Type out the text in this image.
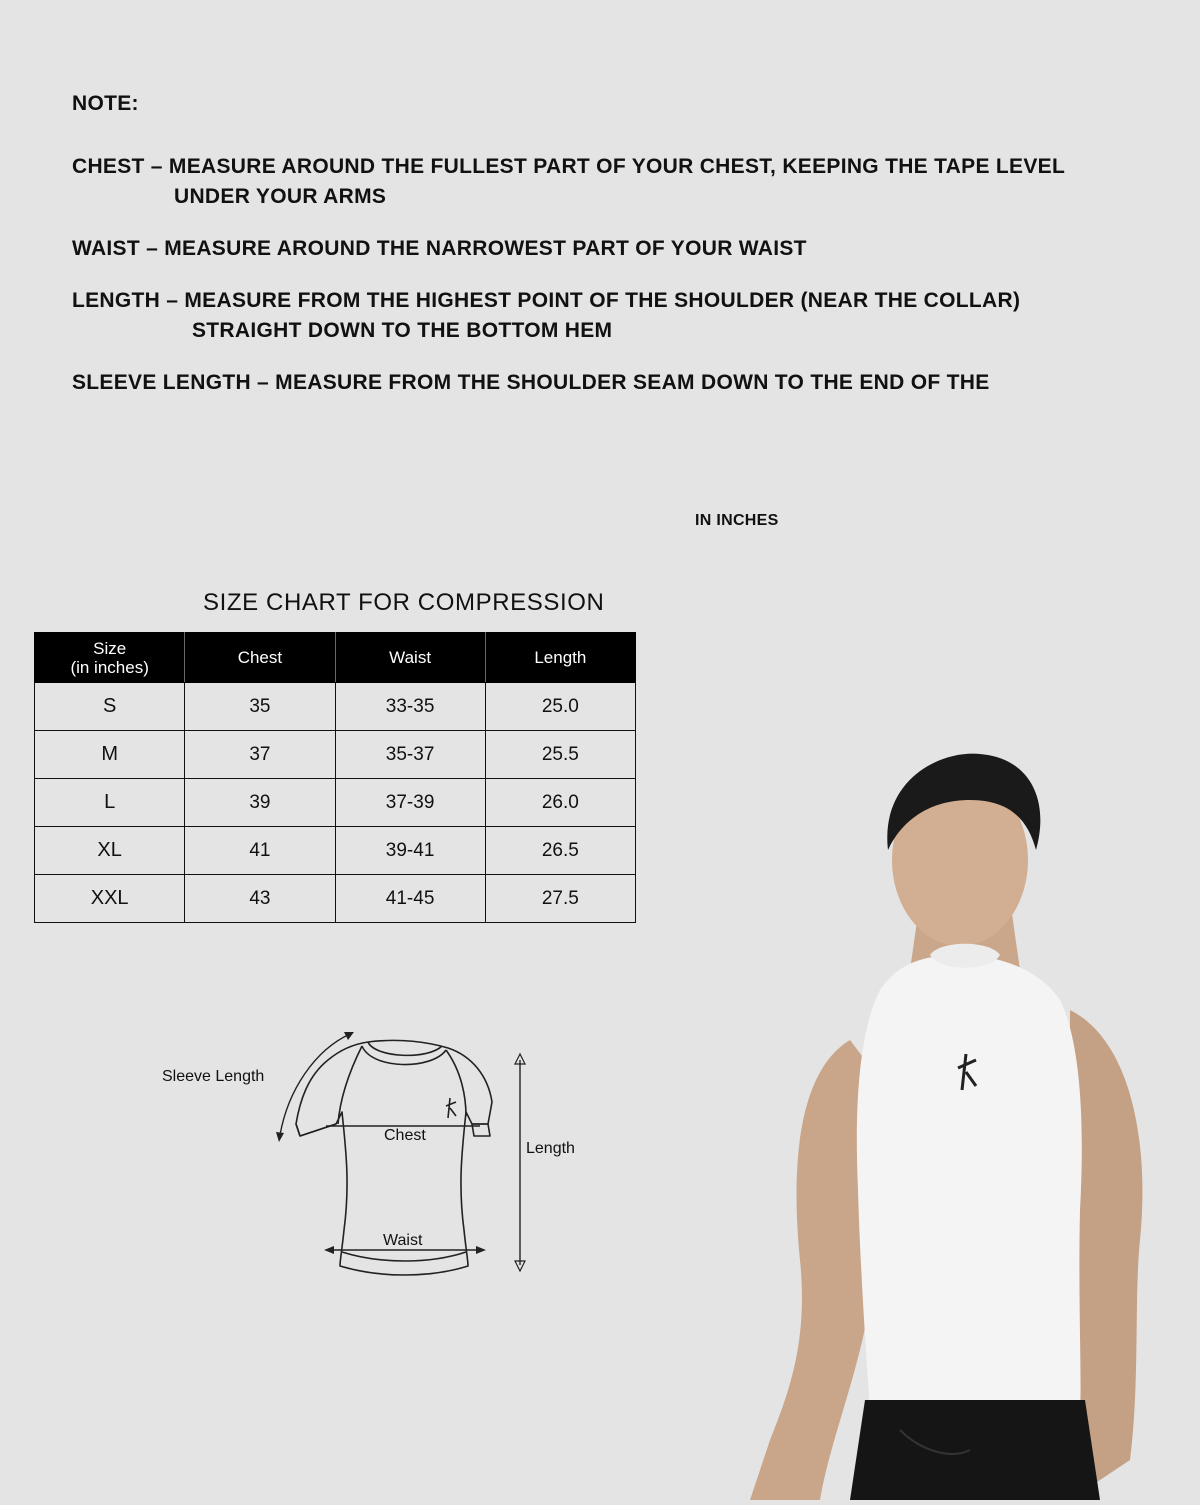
NOTE:
CHEST – MEASURE AROUND THE FULLEST PART OF YOUR CHEST, KEEPING THE TAPE LEVEL
UNDER YOUR ARMS
WAIST – MEASURE AROUND THE NARROWEST PART OF YOUR WAIST
LENGTH – MEASURE FROM THE HIGHEST POINT OF THE SHOULDER (NEAR THE COLLAR)
STRAIGHT DOWN TO THE BOTTOM HEM
SLEEVE LENGTH – MEASURE FROM THE SHOULDER SEAM DOWN TO THE END OF THE
IN INCHES
SIZE CHART FOR COMPRESSION
Size
(in inches)	Chest	Waist	Length
S	35	33-35	25.0
M	37	35-37	25.5
L	39	37-39	26.0
XL	41	39-41	26.5
XXL	43	41-45	27.5
Sleeve Length
Chest
Length
Waist
